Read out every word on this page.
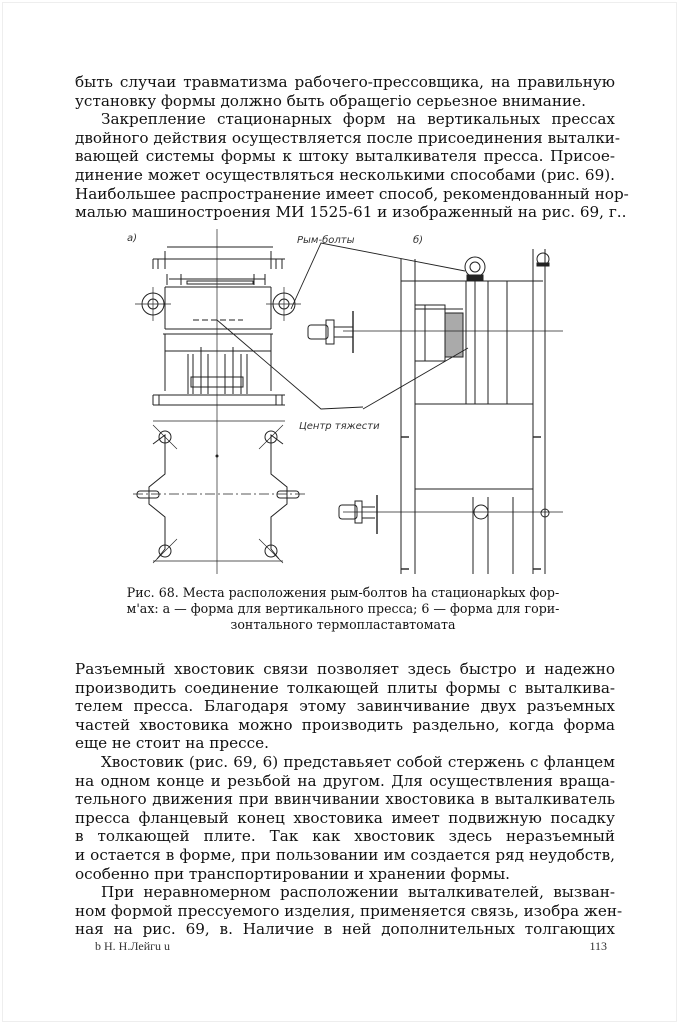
быть случаи травматизма рабочего-прессовщика, на правильную
установку формы должно быть обращегio серьезное внимание.

Закрепление стационарных форм на вертикальных прессах
двойного действия осуществляется после присоединения выталки-
вающей системы формы к штоку выталкивателя пресса. Присое-
динение может осуществляться несколькими способами (рис. 69).
Наибольшее распространение имеет способ, рекомендованный нор-
малью машиностроения МИ 1525-61 и изображенный на рис. 69, г..

а)	Рым-болты	б)
Центр тяжести
Рис. 68. Места расположения рым-болтов hа стационарkых фор-
м'ах: а — форма для вертикального пресса; 6 — форма для гори-
зонтального термопластавтомата

Разъемный хвостовик связи позволяет здесь быстро и надежно
производить соединение толкающей плиты формы с выталкива-
телем пресса. Благодаря этому завинчивание двух разъемных
частей хвостовика можно производить раздельно, когда форма
еще не стоит на прессе.

Хвостовик (рис. 69, 6) представьяет собой стержень с фланцем
на одном конце и резьбой на другом. Для осуществления враща-
тельного движения при ввинчивании хвостовика в выталкиватель
пресса фланцевый конец хвостовика имеет подвижную посадку
в толкающей плите. Так как хвостовик здесь неразъемный
и остается в форме, при пользовании им создается ряд неудобств,
особенно при транспортировании и хранении формы.

При неравномерном расположении выталкивателей, вызван-
ном формой прессуемого изделия, применяется связь, изобра жен-
ная на рис. 69, в. Наличие в ней дополнительных толгающих

b Н. Н.Лейгu u	113
